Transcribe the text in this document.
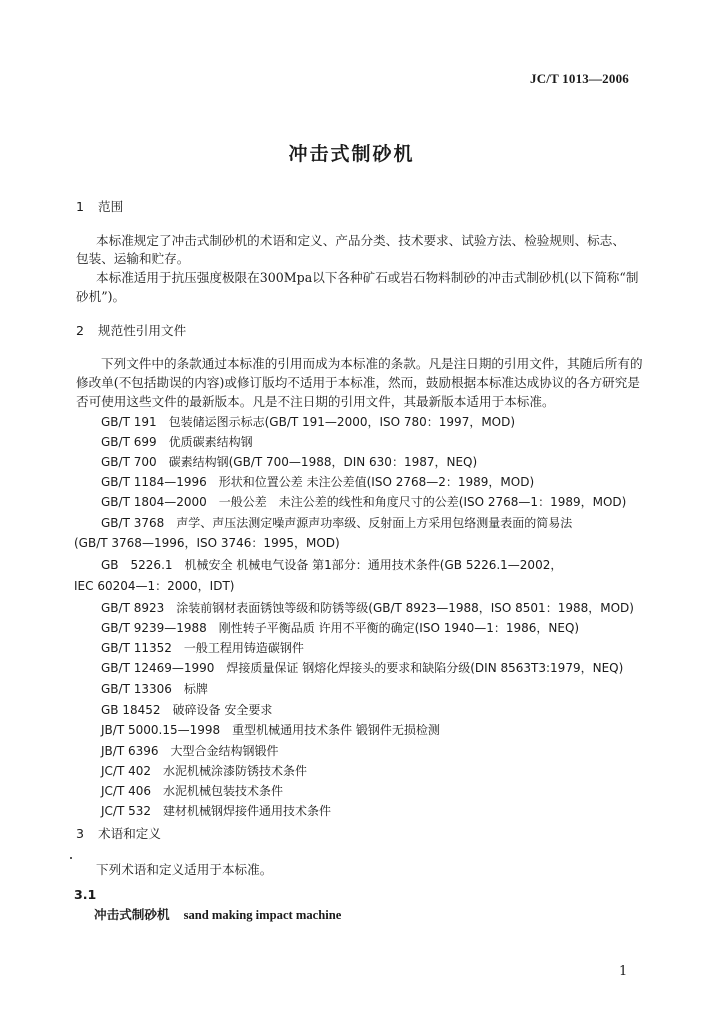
JC/T 1013—2006
冲击式制砂机
1 范围
本标准规定了冲击式制砂机的术语和定义、产品分类、技术要求、试验方法、检验规则、标志、
包装、运输和贮存。
本标准适用于抗压强度极限在300Mpa以下各种矿石或岩石物料制砂的冲击式制砂机(以下简称“制
砂机”)。
2 规范性引用文件
下列文件中的条款通过本标准的引用而成为本标准的条款。凡是注日期的引用文件，其随后所有的
修改单(不包括勘误的内容)或修订版均不适用于本标准，然而，鼓励根据本标准达成协议的各方研究是
否可使用这些文件的最新版本。凡是不注日期的引用文件，其最新版本适用于本标准。
GB/T 191　包装储运图示标志(GB/T 191—2000，ISO 780：1997，MOD)
GB/T 699　优质碳素结构钢
GB/T 700　碳素结构钢(GB/T 700—1988，DIN 630：1987，NEQ)
GB/T 1184—1996　形状和位置公差 未注公差值(ISO 2768—2：1989，MOD)
GB/T 1804—2000　一般公差　未注公差的线性和角度尺寸的公差(ISO 2768—1：1989，MOD)
GB/T 3768　声学、声压法测定噪声源声功率级、反射面上方采用包络测量表面的简易法
(GB/T 3768—1996，ISO 3746：1995，MOD)
GB　5226.1　机械安全 机械电气设备 第1部分：通用技术条件(GB 5226.1—2002，
IEC 60204—1：2000，IDT)
GB/T 8923　涂装前钢材表面锈蚀等级和防锈等级(GB/T 8923—1988，ISO 8501：1988，MOD)
GB/T 9239—1988　刚性转子平衡品质 许用不平衡的确定(ISO 1940—1：1986，NEQ)
GB/T 11352　一般工程用铸造碳钢件
GB/T 12469—1990　焊接质量保证 钢熔化焊接头的要求和缺陷分级(DIN 8563T3:1979，NEQ)
GB/T 13306　标牌
GB 18452　破碎设备 安全要求
JB/T 5000.15—1998　重型机械通用技术条件 锻钢件无损检测
JB/T 6396　大型合金结构钢锻件
JC/T 402　水泥机械涂漆防锈技术条件
JC/T 406　水泥机械包装技术条件
JC/T 532　建材机械钢焊接件通用技术条件
3 术语和定义
下列术语和定义适用于本标准。
3.1
冲击式制砂机 sand making impact machine
1
